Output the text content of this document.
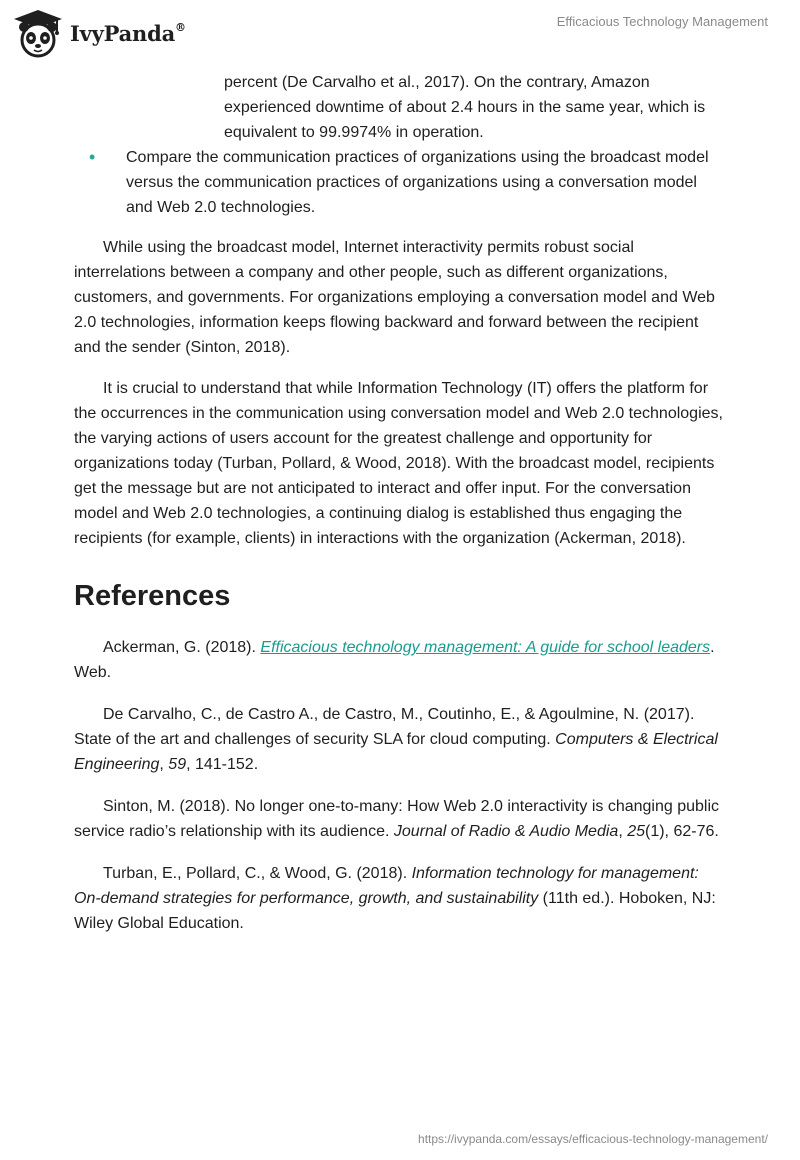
IvyPanda®	Efficacious Technology Management

percent (De Carvalho et al., 2017). On the contrary, Amazon experienced downtime of about 2.4 hours in the same year, which is equivalent to 99.9974% in operation.

• Compare the communication practices of organizations using the broadcast model versus the communication practices of organizations using a conversation model and Web 2.0 technologies.

While using the broadcast model, Internet interactivity permits robust social interrelations between a company and other people, such as different organizations, customers, and governments. For organizations employing a conversation model and Web 2.0 technologies, information keeps flowing backward and forward between the recipient and the sender (Sinton, 2018).

It is crucial to understand that while Information Technology (IT) offers the platform for the occurrences in the communication using conversation model and Web 2.0 technologies, the varying actions of users account for the greatest challenge and opportunity for organizations today (Turban, Pollard, & Wood, 2018). With the broadcast model, recipients get the message but are not anticipated to interact and offer input. For the conversation model and Web 2.0 technologies, a continuing dialog is established thus engaging the recipients (for example, clients) in interactions with the organization (Ackerman, 2018).

References

Ackerman, G. (2018). Efficacious technology management: A guide for school leaders. Web.

De Carvalho, C., de Castro A., de Castro, M., Coutinho, E., & Agoulmine, N. (2017). State of the art and challenges of security SLA for cloud computing. Computers & Electrical Engineering, 59, 141-152.

Sinton, M. (2018). No longer one-to-many: How Web 2.0 interactivity is changing public service radio’s relationship with its audience. Journal of Radio & Audio Media, 25(1), 62-76.

Turban, E., Pollard, C., & Wood, G. (2018). Information technology for management: On-demand strategies for performance, growth, and sustainability (11th ed.). Hoboken, NJ: Wiley Global Education.

https://ivypanda.com/essays/efficacious-technology-management/
